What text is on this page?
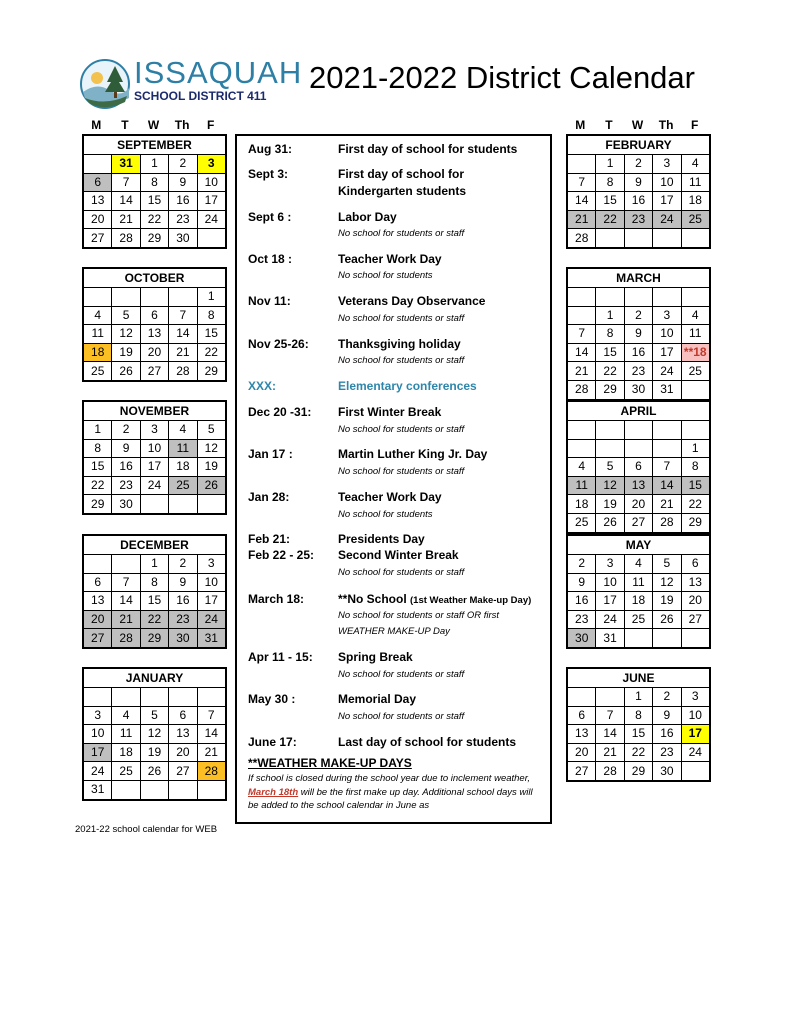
ISSAQUAH
SCHOOL DISTRICT 411
2021-2022 District Calendar
M	T	W	Th	F	M	T	W	Th	F
SEPTEMBER				
	31	1	2	3
6	7	8	9	10
13	14	15	16	17
20	21	22	23	24
27	28	29	30	
OCTOBER				
				1
4	5	6	7	8
11	12	13	14	15
18	19	20	21	22
25	26	27	28	29
NOVEMBER				
1	2	3	4	5
8	9	10	11	12
15	16	17	18	19
22	23	24	25	26
29	30			
DECEMBER				
		1	2	3
6	7	8	9	10
13	14	15	16	17
20	21	22	23	24
27	28	29	30	31
JANUARY				

3	4	5	6	7
10	11	12	13	14
17	18	19	20	21
24	25	26	27	28
31				
FEBRUARY				
	1	2	3	4
7	8	9	10	11
14	15	16	17	18
21	22	23	24	25
28				
MARCH				

	1	2	3	4
7	8	9	10	11
14	15	16	17	**18
21	22	23	24	25
28	29	30	31	
APRIL				

				1
4	5	6	7	8
11	12	13	14	15
18	19	20	21	22
25	26	27	28	29
MAY				
2	3	4	5	6
9	10	11	12	13
16	17	18	19	20
23	24	25	26	27
30	31			
JUNE				
		1	2	3
6	7	8	9	10
13	14	15	16	17
20	21	22	23	24
27	28	29	30	
Aug 31:	First day of school for students
Sept 3:	First day of school for
Kindergarten students
Sept 6 :	Labor Day
No school for students or staff
Oct 18 :	Teacher Work Day
No school for students
Nov 11:	Veterans Day Observance
No school for students or staff
Nov 25-26: Thanksgiving holiday
No school for students or staff
XXX:	Elementary conferences
Dec 20 -31: First Winter Break
No school for students or staff
Jan 17 :	Martin Luther King Jr. Day
No school for students or staff
Jan 28:	Teacher Work Day
No school for students
Feb 21:	Presidents Day
Feb 22 - 25: Second Winter Break
No school for students or staff
March 18:	**No School (1st Weather Make-up Day)
No school for students or staff OR first
WEATHER MAKE-UP Day
Apr 11 - 15: Spring Break
No school for students or staff
May 30 :	Memorial Day
No school for students or staff
June 17:	Last day of school for students
**WEATHER MAKE-UP DAYS
If school is closed during the school year due to inclement weather, March 18th will be the first make up day. Additional school days will be added to the school calendar in June as
2021-22 school calendar for WEB
